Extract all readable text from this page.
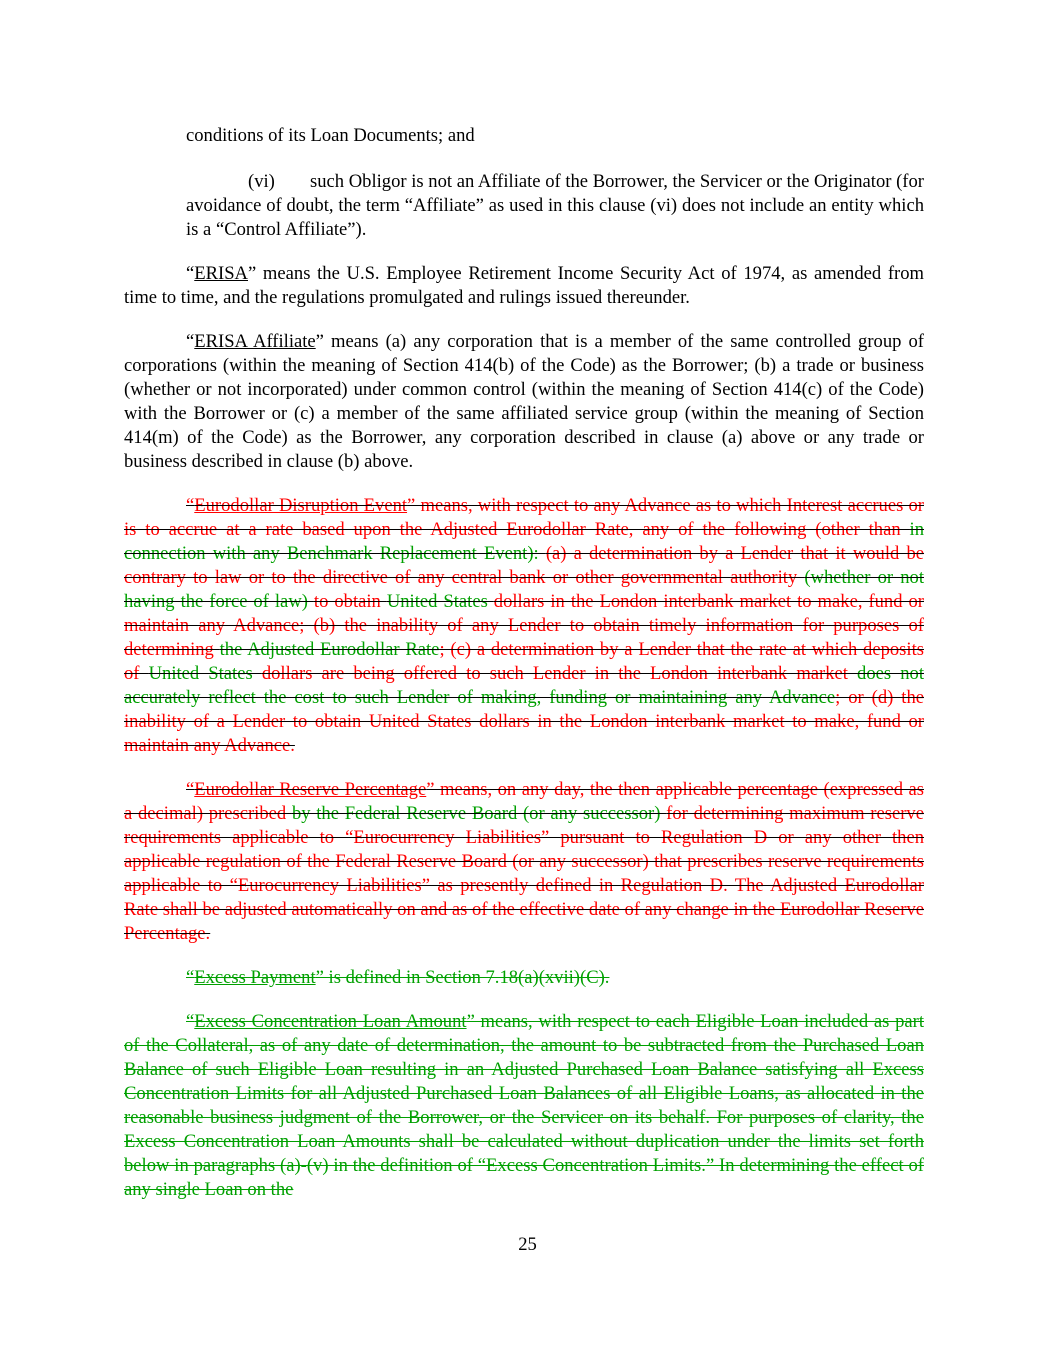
conditions of its Loan Documents; and

(vi) such Obligor is not an Affiliate of the Borrower, the Servicer or the Originator (for avoidance of doubt, the term “Affiliate” as used in this clause (vi) does not include an entity which is a “Control Affiliate”).

“ERISA” means the U.S. Employee Retirement Income Security Act of 1974, as amended from time to time, and the regulations promulgated and rulings issued thereunder.

“ERISA Affiliate” means (a) any corporation that is a member of the same controlled group of corporations (within the meaning of Section 414(b) of the Code) as the Borrower; (b) a trade or business (whether or not incorporated) under common control (within the meaning of Section 414(c) of the Code) with the Borrower or (c) a member of the same affiliated service group (within the meaning of Section 414(m) of the Code) as the Borrower, any corporation described in clause (a) above or any trade or business described in clause (b) above.

“Eurodollar Disruption Event” means, with respect to any Advance as to which Interest accrues or is to accrue at a rate based upon the Adjusted Eurodollar Rate, any of the following (other than in connection with any Benchmark Replacement Event): (a) a determination by a Lender that it would be contrary to law or to the directive of any central bank or other governmental authority (whether or not having the force of law) to obtain United States dollars in the London interbank market to make, fund or maintain any Advance; (b) the inability of any Lender to obtain timely information for purposes of determining the Adjusted Eurodollar Rate; (c) a determination by a Lender that the rate at which deposits of United States dollars are being offered to such Lender in the London interbank market does not accurately reflect the cost to such Lender of making, funding or maintaining any Advance; or (d) the inability of a Lender to obtain United States dollars in the London interbank market to make, fund or maintain any Advance.

“Eurodollar Reserve Percentage” means, on any day, the then applicable percentage (expressed as a decimal) prescribed by the Federal Reserve Board (or any successor) for determining maximum reserve requirements applicable to “Eurocurrency Liabilities” pursuant to Regulation D or any other then applicable regulation of the Federal Reserve Board (or any successor) that prescribes reserve requirements applicable to “Eurocurrency Liabilities” as presently defined in Regulation D. The Adjusted Eurodollar Rate shall be adjusted automatically on and as of the effective date of any change in the Eurodollar Reserve Percentage.

“Excess Payment” is defined in Section 7.18(a)(xvii)(C).

“Excess Concentration Loan Amount” means, with respect to each Eligible Loan included as part of the Collateral, as of any date of determination, the amount to be subtracted from the Purchased Loan Balance of such Eligible Loan resulting in an Adjusted Purchased Loan Balance satisfying all Excess Concentration Limits for all Adjusted Purchased Loan Balances of all Eligible Loans, as allocated in the reasonable business judgment of the Borrower, or the Servicer on its behalf. For purposes of clarity, the Excess Concentration Loan Amounts shall be calculated without duplication under the limits set forth below in paragraphs (a)-(v) in the definition of “Excess Concentration Limits.” In determining the effect of any single Loan on the

25
